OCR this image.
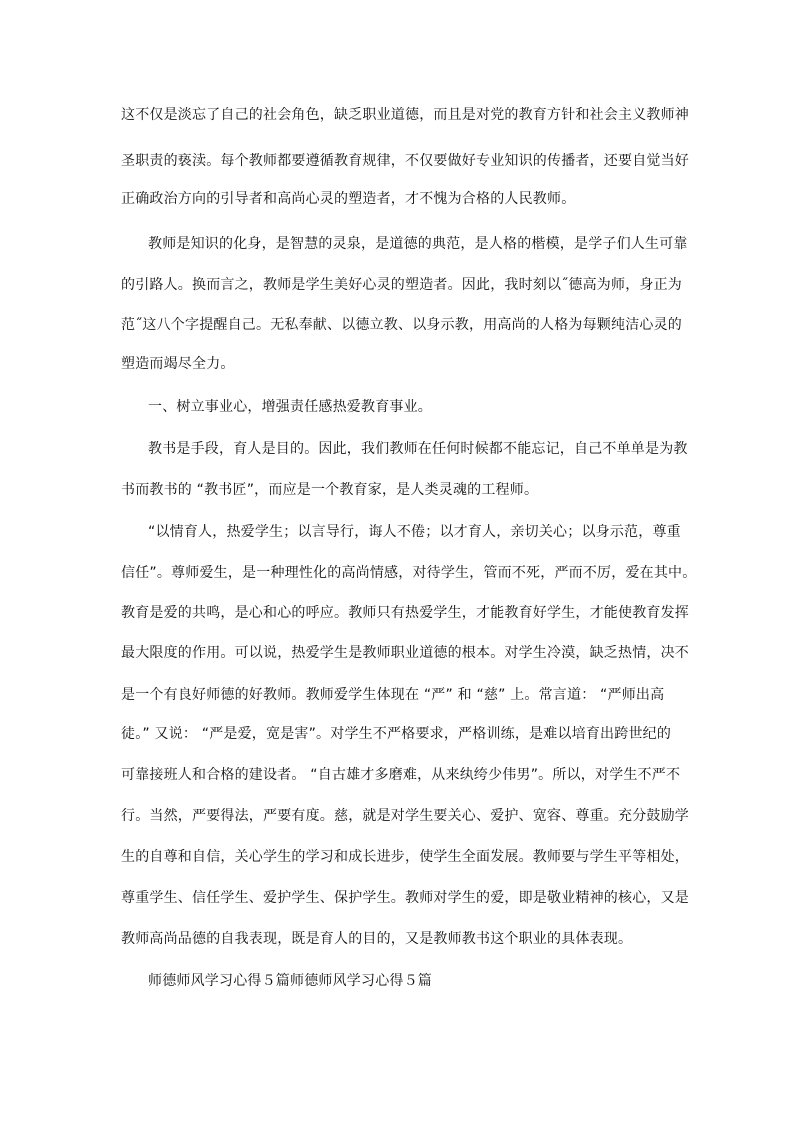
这不仅是淡忘了自己的社会角色，缺乏职业道德，而且是对党的教育方针和社会主义教师神
圣职责的亵渎。每个教师都要遵循教育规律，不仅要做好专业知识的传播者，还要自觉当好
正确政治方向的引导者和高尚心灵的塑造者，才不愧为合格的人民教师。
教师是知识的化身，是智慧的灵泉，是道德的典范，是人格的楷模，是学子们人生可靠
的引路人。换而言之，教师是学生美好心灵的塑造者。因此，我时刻以˝德高为师，身正为
范˝这八个字提醒自己。无私奉献、以德立教、以身示教，用高尚的人格为每颗纯洁心灵的
塑造而竭尽全力。
一、树立事业心，增强责任感热爱教育事业。
教书是手段，育人是目的。因此，我们教师在任何时候都不能忘记，自己不单单是为教
书而教书的 “教书匠”，而应是一个教育家，是人类灵魂的工程师。
“以情育人，热爱学生；以言导行，诲人不倦；以才育人，亲切关心；以身示范，尊重
信任”。尊师爱生，是一种理性化的高尚情感，对待学生，管而不死，严而不厉，爱在其中。
教育是爱的共鸣，是心和心的呼应。教师只有热爱学生，才能教育好学生，才能使教育发挥
最大限度的作用。可以说，热爱学生是教师职业道德的根本。对学生冷漠，缺乏热情，决不
是一个有良好师德的好教师。教师爱学生体现在 “严” 和 “慈” 上。常言道： “严师出高
徒。” 又说： “严是爱，宽是害”。对学生不严格要求，严格训练，是难以培育出跨世纪的
可靠接班人和合格的建设者。 “自古雄才多磨难，从来纨绔少伟男”。所以，对学生不严不
行。当然，严要得法，严要有度。慈，就是对学生要关心、爱护、宽容、尊重。充分鼓励学
生的自尊和自信，关心学生的学习和成长进步，使学生全面发展。教师要与学生平等相处，
尊重学生、信任学生、爱护学生、保护学生。教师对学生的爱，即是敬业精神的核心，又是
教师高尚品德的自我表现，既是育人的目的，又是教师教书这个职业的具体表现。
师德师风学习心得５篇师德师风学习心得５篇
